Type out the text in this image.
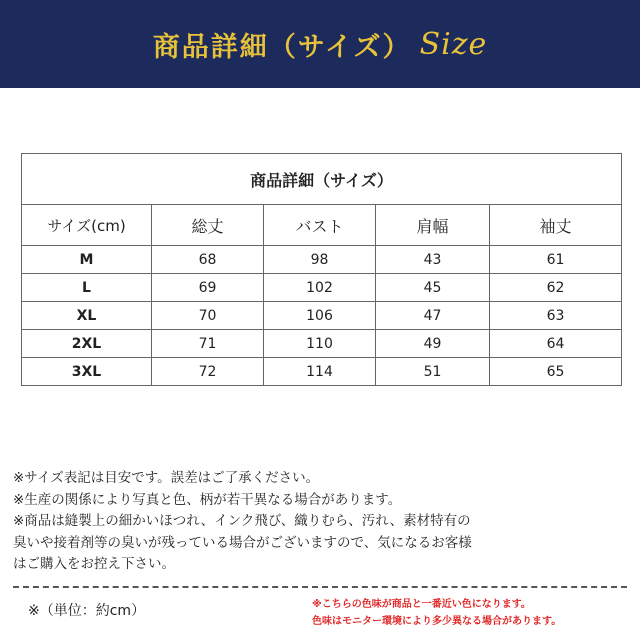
商品詳細（サイズ） Size
商品詳細（サイズ）				
サイズ(cm)	総丈	バスト	肩幅	袖丈
M	68	98	43	61
L	69	102	45	62
XL	70	106	47	63
2XL	71	110	49	64
3XL	72	114	51	65
※サイズ表記は目安です。誤差はご了承ください。
※生産の関係により写真と色、柄が若干異なる場合があります。
※商品は縫製上の細かいほつれ、インク飛び、織りむら、汚れ、素材特有の
臭いや接着剤等の臭いが残っている場合がございますので、気になるお客様
はご購入をお控え下さい。
※（単位：約cm）	※こちらの色味が商品と一番近い色になります。
色味はモニター環境により多少異なる場合があります。
